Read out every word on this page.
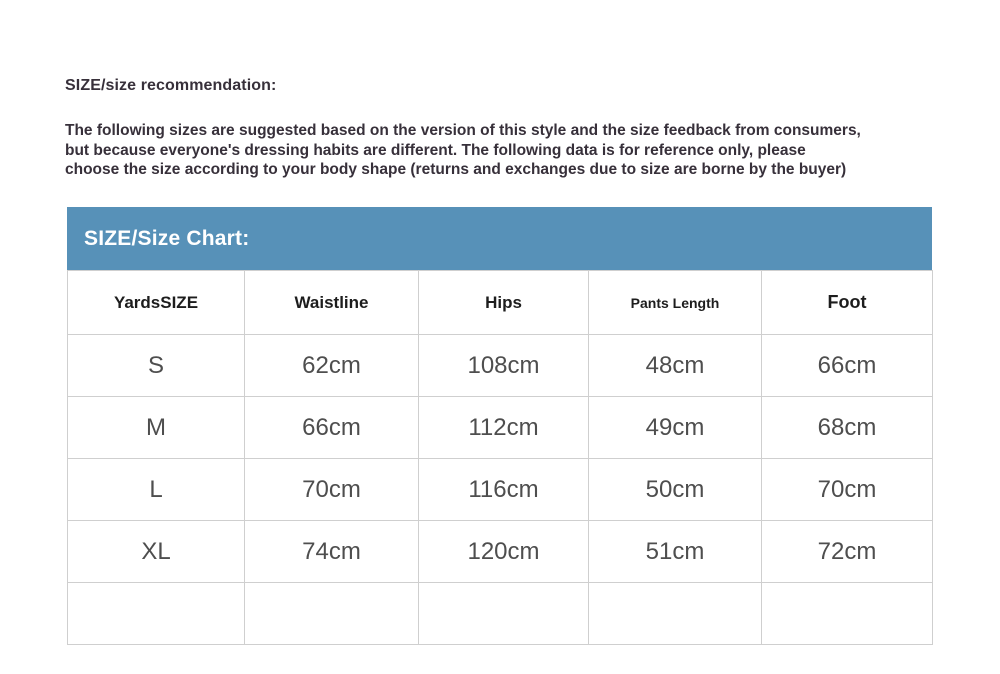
SIZE/size recommendation:
The following sizes are suggested based on the version of this style and the size feedback from consumers,
but because everyone's dressing habits are different. The following data is for reference only, please
choose the size according to your body shape (returns and exchanges due to size are borne by the buyer)
SIZE/Size Chart:
YardsSIZE	Waistline	Hips	Pants Length	Foot
S	62cm	108cm	48cm	66cm
M	66cm	112cm	49cm	68cm
L	70cm	116cm	50cm	70cm
XL	74cm	120cm	51cm	72cm
